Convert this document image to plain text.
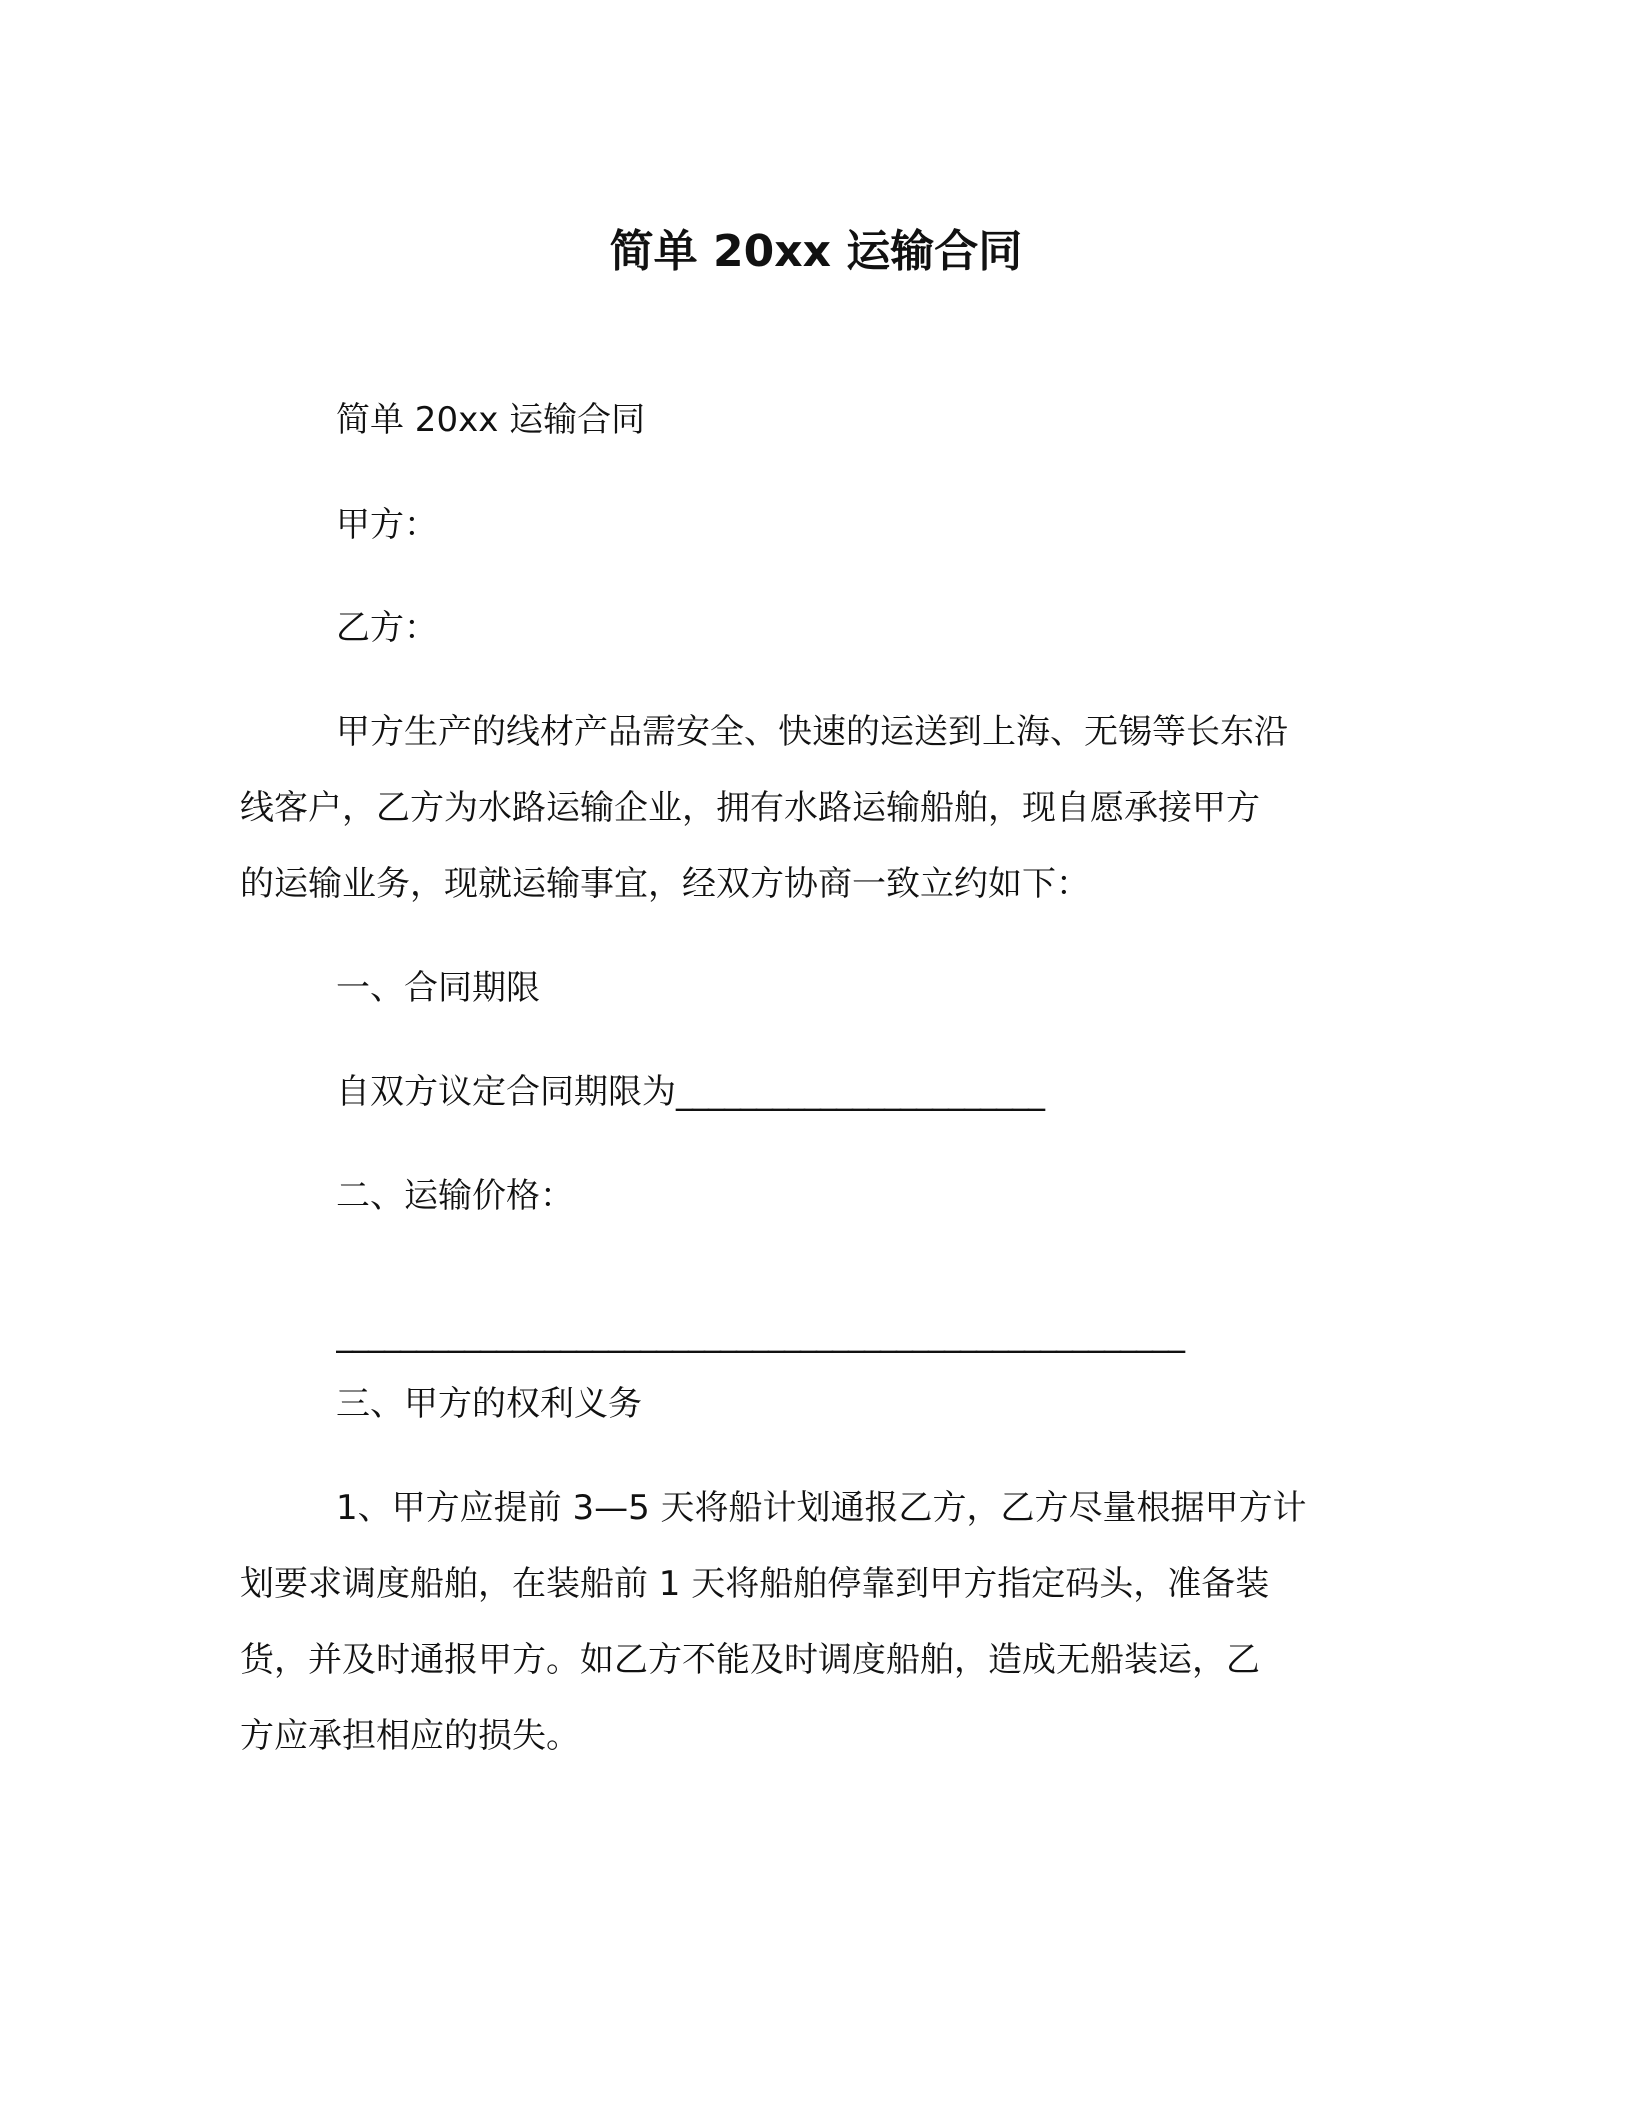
简单 20xx 运输合同

简单 20xx 运输合同

甲方：

乙方：

甲方生产的线材产品需安全、快速的运送到上海、无锡等长东沿

线客户，乙方为水路运输企业，拥有水路运输船舶，现自愿承接甲方

的运输业务，现就运输事宜，经双方协商一致立约如下：

一、合同期限

自双方议定合同期限为_______________________

二、运输价格：

_____________________________________________________

三、甲方的权利义务

1、甲方应提前 3—5 天将船计划通报乙方，乙方尽量根据甲方计

划要求调度船舶，在装船前 1 天将船舶停靠到甲方指定码头，准备装

货，并及时通报甲方。如乙方不能及时调度船舶，造成无船装运，乙

方应承担相应的损失。
